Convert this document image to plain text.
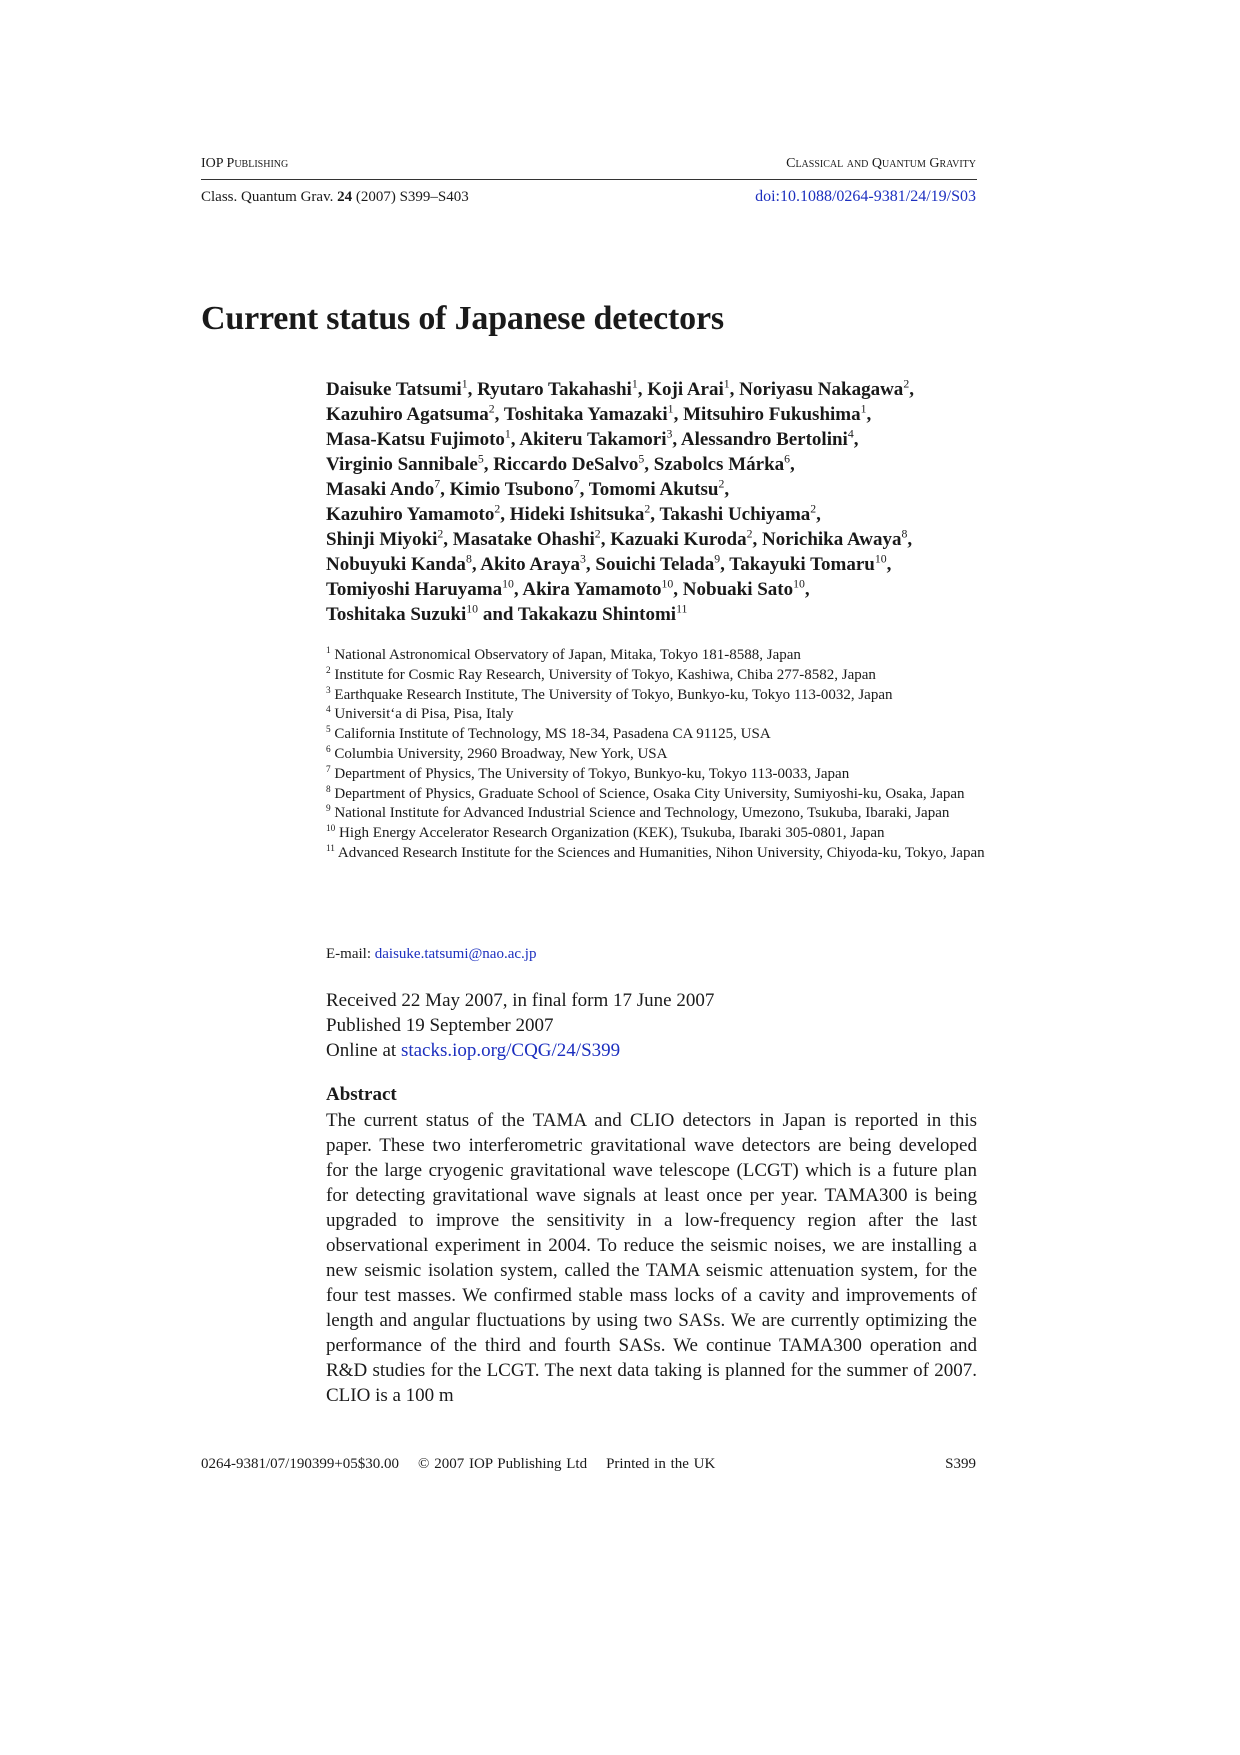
IOP Publishing	Classical and Quantum Gravity
Class. Quantum Grav. 24 (2007) S399–S403	doi:10.1088/0264-9381/24/19/S03
Current status of Japanese detectors
Daisuke Tatsumi$^1$, Ryutaro Takahashi$^1$, Koji Arai$^1$, Noriyasu Nakagawa$^2$,
Kazuhiro Agatsuma$^2$, Toshitaka Yamazaki$^1$, Mitsuhiro Fukushima$^1$,
Masa-Katsu Fujimoto$^1$, Akiteru Takamori$^3$, Alessandro Bertolini$^4$,
Virginio Sannibale$^5$, Riccardo DeSalvo$^5$, Szabolcs Márka$^6$,
Masaki Ando$^7$, Kimio Tsubono$^7$, Tomomi Akutsu$^2$,
Kazuhiro Yamamoto$^2$, Hideki Ishitsuka$^2$, Takashi Uchiyama$^2$,
Shinji Miyoki$^2$, Masatake Ohashi$^2$, Kazuaki Kuroda$^2$, Norichika Awaya$^8$,
Nobuyuki Kanda$^8$, Akito Araya$^3$, Souichi Telada$^9$, Takayuki Tomaru$^{10}$,
Tomiyoshi Haruyama$^{10}$, Akira Yamamoto$^{10}$, Nobuaki Sato$^{10}$,
Toshitaka Suzuki$^{10}$ and Takakazu Shintomi$^{11}$

$^1$ National Astronomical Observatory of Japan, Mitaka, Tokyo 181-8588, Japan

$^2$ Institute for Cosmic Ray Research, University of Tokyo, Kashiwa, Chiba 277-8582, Japan

$^3$ Earthquake Research Institute, The University of Tokyo, Bunkyo-ku, Tokyo 113-0032, Japan

$^4$ Universit‘a di Pisa, Pisa, Italy

$^5$ California Institute of Technology, MS 18-34, Pasadena CA 91125, USA

$^6$ Columbia University, 2960 Broadway, New York, USA

$^7$ Department of Physics, The University of Tokyo, Bunkyo-ku, Tokyo 113-0033, Japan

$^8$ Department of Physics, Graduate School of Science, Osaka City University, Sumiyoshi-ku, Osaka, Japan

$^9$ National Institute for Advanced Industrial Science and Technology, Umezono, Tsukuba, Ibaraki, Japan

$^{10}$ High Energy Accelerator Research Organization (KEK), Tsukuba, Ibaraki 305-0801, Japan

$^{11}$ Advanced Research Institute for the Sciences and Humanities, Nihon University, Chiyoda-ku, Tokyo, Japan

E-mail: daisuke.tatsumi@nao.ac.jp
Received 22 May 2007, in final form 17 June 2007
Published 19 September 2007
Online at stacks.iop.org/CQG/24/S399
Abstract

The current status of the TAMA and CLIO detectors in Japan is reported in this paper. These two interferometric gravitational wave detectors are being developed for the large cryogenic gravitational wave telescope (LCGT) which is a future plan for detecting gravitational wave signals at least once per year. TAMA300 is being upgraded to improve the sensitivity in a low-frequency region after the last observational experiment in 2004. To reduce the seismic noises, we are installing a new seismic isolation system, called the TAMA seismic attenuation system, for the four test masses. We confirmed stable mass locks of a cavity and improvements of length and angular fluctuations by using two SASs. We are currently optimizing the performance of the third and fourth SASs. We continue TAMA300 operation and R&D studies for the LCGT. The next data taking is planned for the summer of 2007. CLIO is a 100 m

0264-9381/07/190399+05$30.00 © 2007 IOP Publishing Ltd Printed in the UK	S399
